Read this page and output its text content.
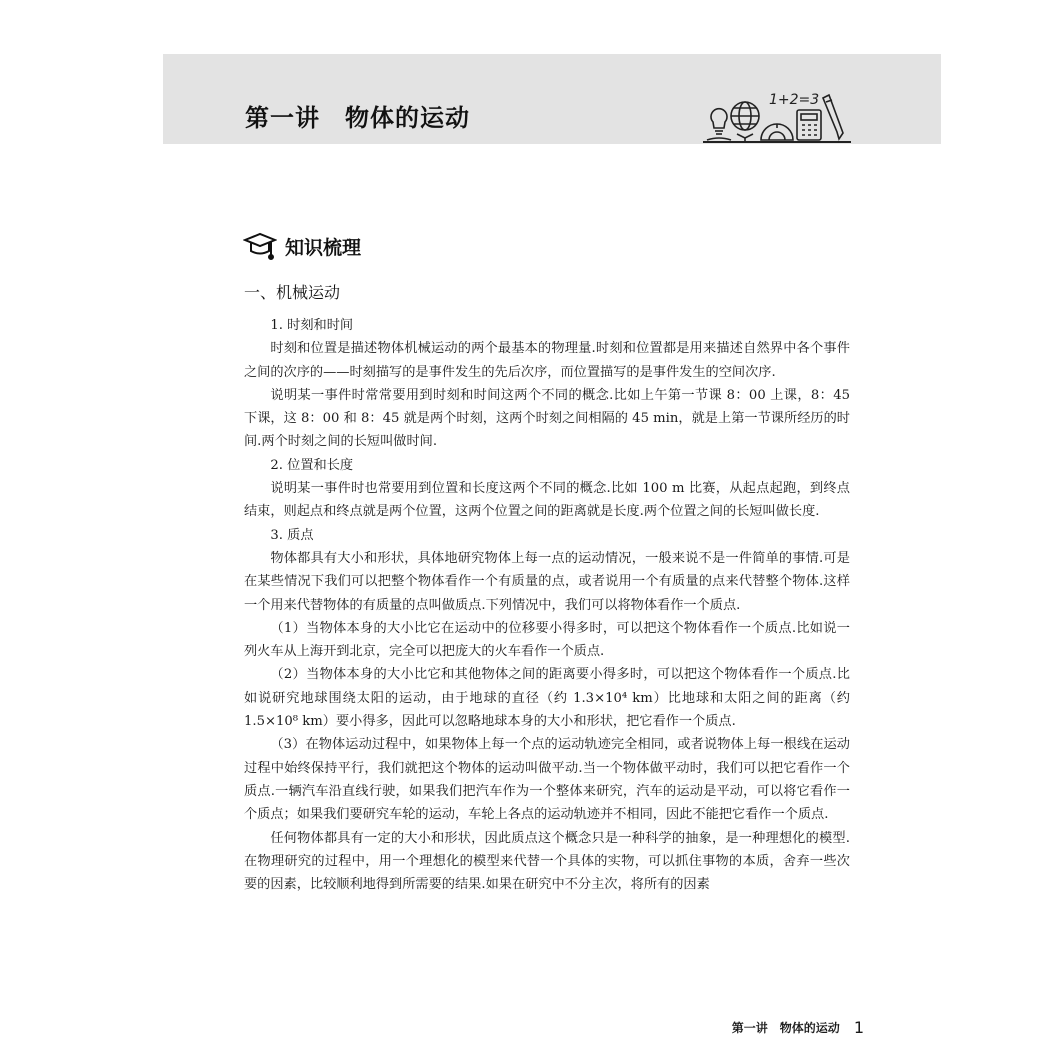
第一讲　物体的运动
1+2=3
知识梳理
一、机械运动

1. 时刻和时间

时刻和位置是描述物体机械运动的两个最基本的物理量.时刻和位置都是用来描述自然界中各个事件之间的次序的——时刻描写的是事件发生的先后次序，而位置描写的是事件发生的空间次序.

说明某一事件时常常要用到时刻和时间这两个不同的概念.比如上午第一节课 8：00 上课，8：45 下课，这 8：00 和 8：45 就是两个时刻，这两个时刻之间相隔的 45 min，就是上第一节课所经历的时间.两个时刻之间的长短叫做时间.

2. 位置和长度

说明某一事件时也常要用到位置和长度这两个不同的概念.比如 100 m 比赛，从起点起跑，到终点结束，则起点和终点就是两个位置，这两个位置之间的距离就是长度.两个位置之间的长短叫做长度.

3. 质点

物体都具有大小和形状，具体地研究物体上每一点的运动情况，一般来说不是一件简单的事情.可是在某些情况下我们可以把整个物体看作一个有质量的点，或者说用一个有质量的点来代替整个物体.这样一个用来代替物体的有质量的点叫做质点.下列情况中，我们可以将物体看作一个质点.

（1）当物体本身的大小比它在运动中的位移要小得多时，可以把这个物体看作一个质点.比如说一列火车从上海开到北京，完全可以把庞大的火车看作一个质点.

（2）当物体本身的大小比它和其他物体之间的距离要小得多时，可以把这个物体看作一个质点.比如说研究地球围绕太阳的运动，由于地球的直径（约 1.3×10⁴ km）比地球和太阳之间的距离（约 1.5×10⁸ km）要小得多，因此可以忽略地球本身的大小和形状，把它看作一个质点.

（3）在物体运动过程中，如果物体上每一个点的运动轨迹完全相同，或者说物体上每一根线在运动过程中始终保持平行，我们就把这个物体的运动叫做平动.当一个物体做平动时，我们可以把它看作一个质点.一辆汽车沿直线行驶，如果我们把汽车作为一个整体来研究，汽车的运动是平动，可以将它看作一个质点；如果我们要研究车轮的运动，车轮上各点的运动轨迹并不相同，因此不能把它看作一个质点.

任何物体都具有一定的大小和形状，因此质点这个概念只是一种科学的抽象，是一种理想化的模型.在物理研究的过程中，用一个理想化的模型来代替一个具体的实物，可以抓住事物的本质，舍弃一些次要的因素，比较顺利地得到所需要的结果.如果在研究中不分主次，将所有的因素

第一讲　物体的运动 1
